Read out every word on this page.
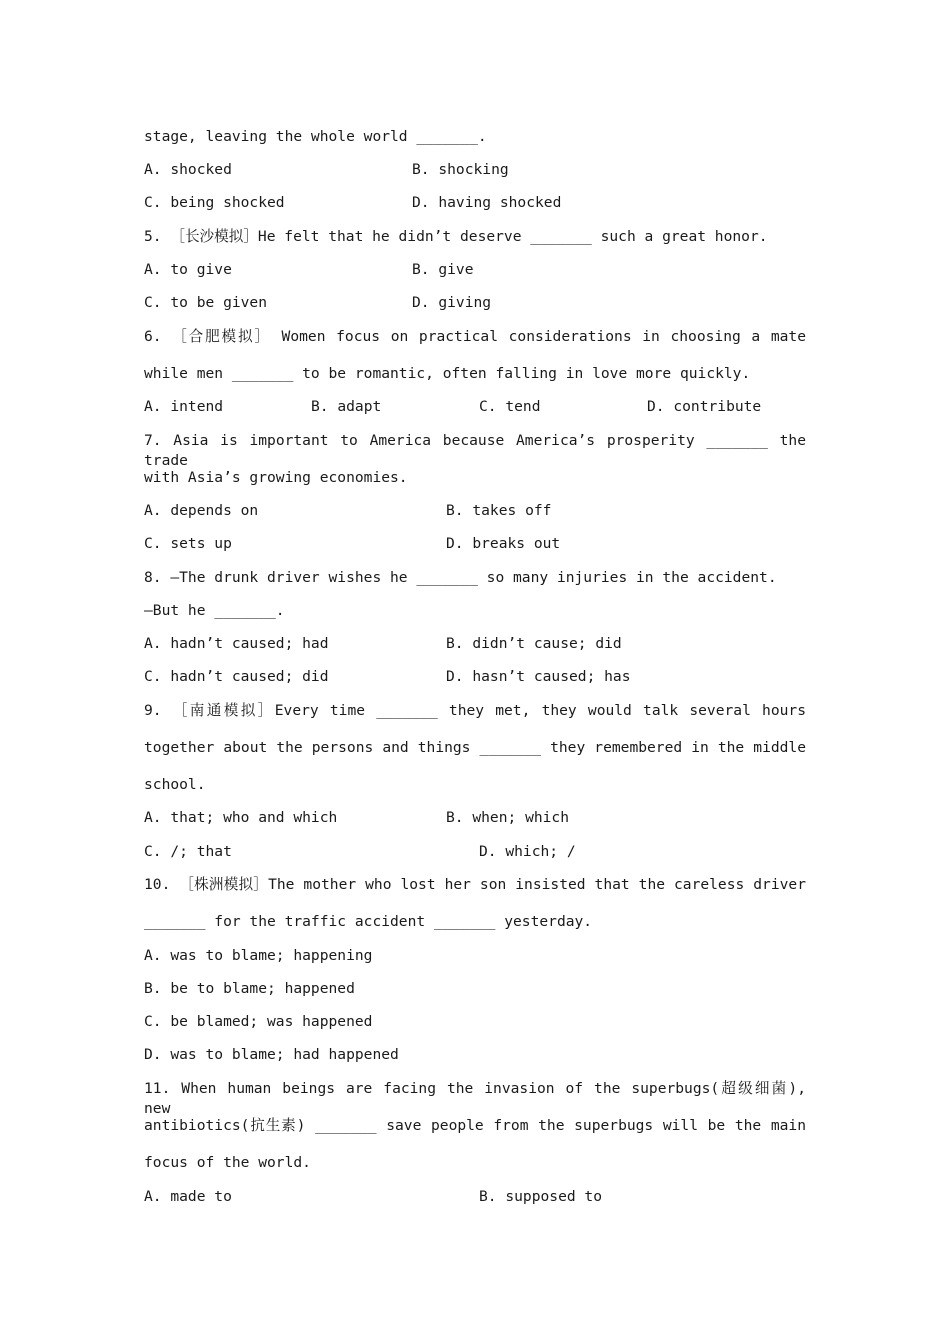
stage, leaving the whole world _______.
A. shocked	B. shocking
C. being shocked	D. having shocked
5. ［长沙模拟］He felt that he didn’t deserve _______ such a great honor.
A. to give	B. give
C. to be given	D. giving
6. ［合肥模拟］ Women focus on practical considerations in choosing a mate
while men _______ to be romantic, often falling in love more quickly.
A. intend	B. adapt	C. tend	D. contribute
7. Asia is important to America because America’s prosperity _______ the trade
with Asia’s growing economies.
A. depends on	B. takes off
C. sets up	D. breaks out
8. —The drunk driver wishes he _______ so many injuries in the accident.
—But he _______.
A. hadn’t caused; had	B. didn’t cause; did
C. hadn’t caused; did	D. hasn’t caused; has
9. ［南通模拟］Every time _______ they met, they would talk several hours
together about the persons and things _______ they remembered in the middle
school.
A. that; who and which	B. when; which
C. /; that	D. which; /
10. ［株洲模拟］The mother who lost her son insisted that the careless driver
_______ for the traffic accident _______ yesterday.
A. was to blame; happening
B. be to blame; happened
C. be blamed; was happened
D. was to blame; had happened
11. When human beings are facing the invasion of the superbugs(超级细菌), new
antibiotics(抗生素) _______ save people from the superbugs will be the main
focus of the world.
A. made to	B. supposed to
